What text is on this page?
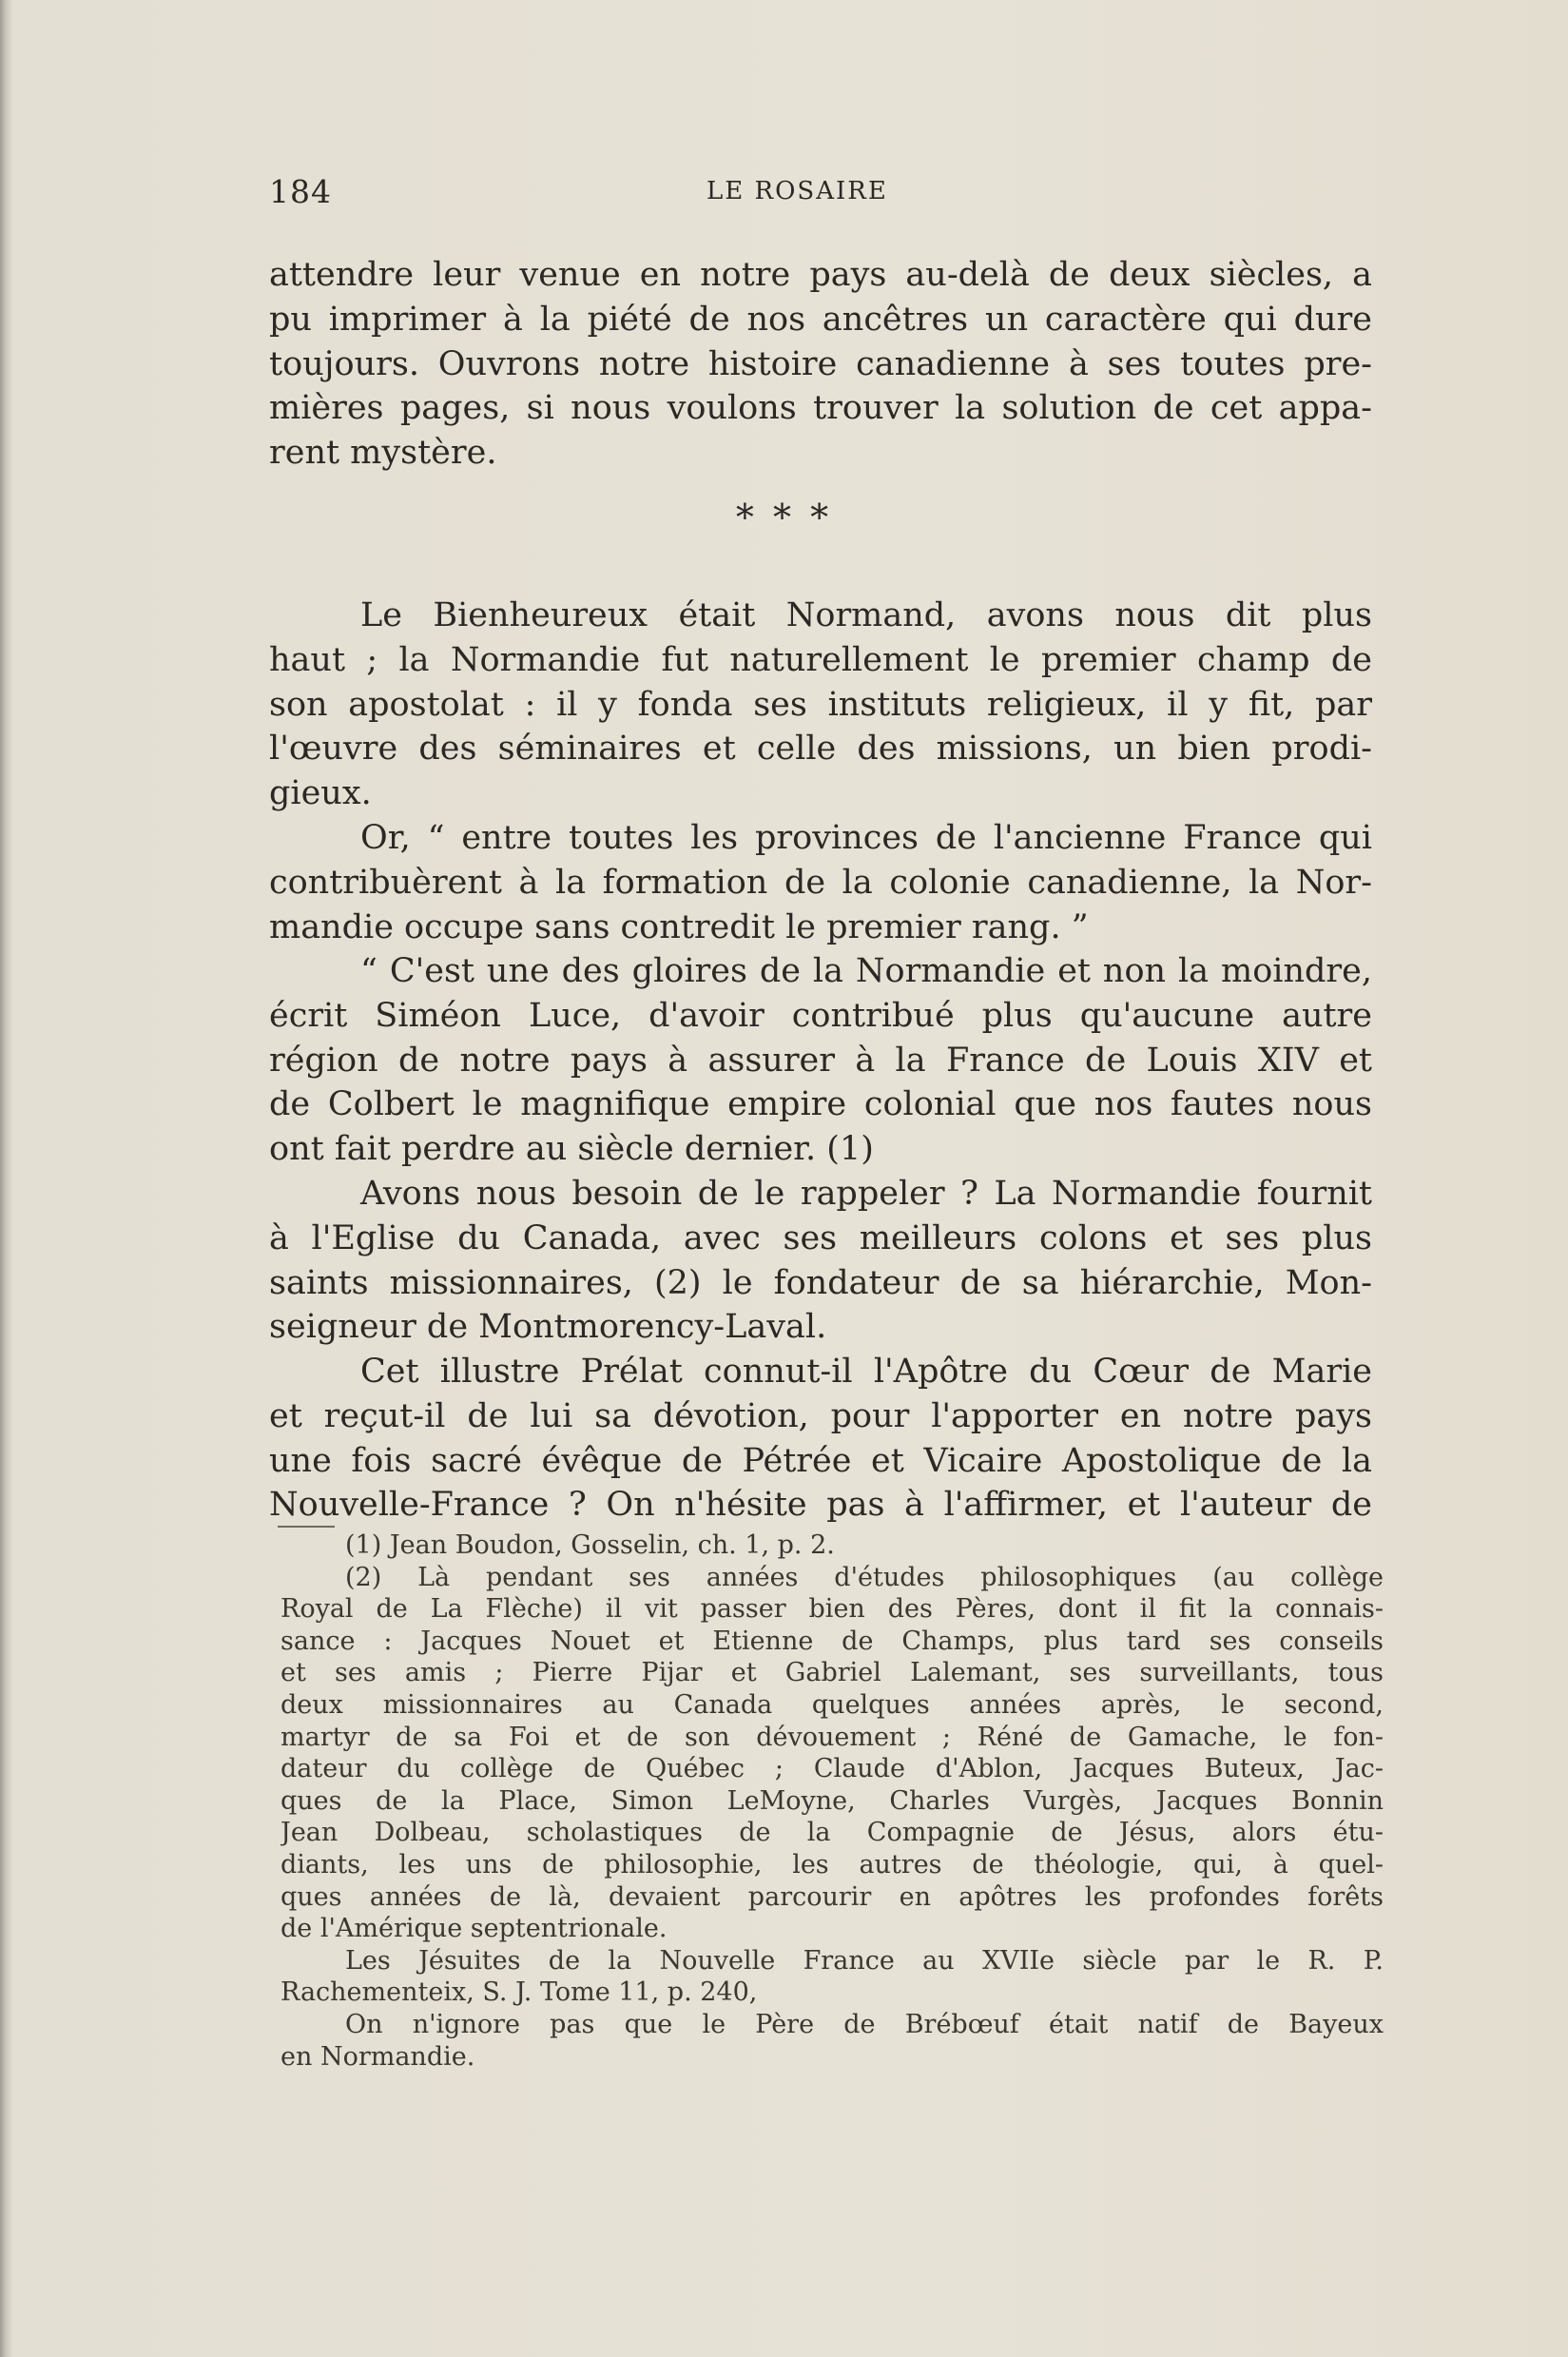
184	LE ROSAIRE
attendre leur venue en notre pays au-delà de deux siècles, a
pu imprimer à la piété de nos ancêtres un caractère qui dure
toujours. Ouvrons notre histoire canadienne à ses toutes pre-
mières pages, si nous voulons trouver la solution de cet appa-
rent mystère.
* * *
Le Bienheureux était Normand, avons nous dit plus
haut ; la Normandie fut naturellement le premier champ de
son apostolat : il y fonda ses instituts religieux, il y fit, par
l'œuvre des séminaires et celle des missions, un bien prodi-
gieux.
Or, “ entre toutes les provinces de l'ancienne France qui
contribuèrent à la formation de la colonie canadienne, la Nor-
mandie occupe sans contredit le premier rang. ”
“ C'est une des gloires de la Normandie et non la moindre,
écrit Siméon Luce, d'avoir contribué plus qu'aucune autre
région de notre pays à assurer à la France de Louis XIV et
de Colbert le magnifique empire colonial que nos fautes nous
ont fait perdre au siècle dernier. (1)
Avons nous besoin de le rappeler ? La Normandie fournit
à l'Eglise du Canada, avec ses meilleurs colons et ses plus
saints missionnaires, (2) le fondateur de sa hiérarchie, Mon-
seigneur de Montmorency-Laval.
Cet illustre Prélat connut-il l'Apôtre du Cœur de Marie
et reçut-il de lui sa dévotion, pour l'apporter en notre pays
une fois sacré évêque de Pétrée et Vicaire Apostolique de la
Nouvelle-France ? On n'hésite pas à l'affirmer, et l'auteur de
(1) Jean Boudon, Gosselin, ch. 1, p. 2.
(2) Là pendant ses années d'études philosophiques (au collège
Royal de La Flèche) il vit passer bien des Pères, dont il fit la connais-
sance : Jacques Nouet et Etienne de Champs, plus tard ses conseils
et ses amis ; Pierre Pijar et Gabriel Lalemant, ses surveillants, tous
deux missionnaires au Canada quelques années après, le second,
martyr de sa Foi et de son dévouement ; Réné de Gamache, le fon-
dateur du collège de Québec ; Claude d'Ablon, Jacques Buteux, Jac-
ques de la Place, Simon LeMoyne, Charles Vurgès, Jacques Bonnin
Jean Dolbeau, scholastiques de la Compagnie de Jésus, alors étu-
diants, les uns de philosophie, les autres de théologie, qui, à quel-
ques années de là, devaient parcourir en apôtres les profondes forêts
de l'Amérique septentrionale.
Les Jésuites de la Nouvelle France au XVIIe siècle par le R. P.
Rachementeix, S. J. Tome 11, p. 240,
On n'ignore pas que le Père de Brébœuf était natif de Bayeux
en Normandie.
